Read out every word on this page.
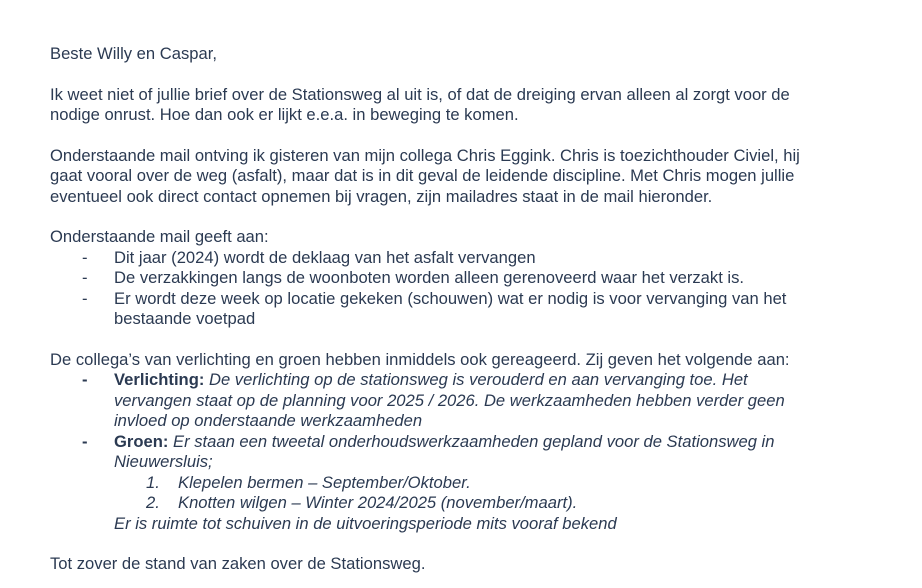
Beste Willy en Caspar,
Ik weet niet of jullie brief over de Stationsweg al uit is, of dat de dreiging ervan alleen al zorgt voor de
nodige onrust. Hoe dan ook er lijkt e.e.a. in beweging te komen.
Onderstaande mail ontving ik gisteren van mijn collega Chris Eggink. Chris is toezichthouder Civiel, hij
gaat vooral over de weg (asfalt), maar dat is in dit geval de leidende discipline. Met Chris mogen jullie
eventueel ook direct contact opnemen bij vragen, zijn mailadres staat in de mail hieronder.
Onderstaande mail geeft aan:
- Dit jaar (2024) wordt de deklaag van het asfalt vervangen
- De verzakkingen langs de woonboten worden alleen gerenoveerd waar het verzakt is.
- Er wordt deze week op locatie gekeken (schouwen) wat er nodig is voor vervanging van het
bestaande voetpad
De collega’s van verlichting en groen hebben inmiddels ook gereageerd. Zij geven het volgende aan:
- Verlichting: De verlichting op de stationsweg is verouderd en aan vervanging toe. Het
vervangen staat op de planning voor 2025 / 2026. De werkzaamheden hebben verder geen
invloed op onderstaande werkzaamheden
- Groen: Er staan een tweetal onderhoudswerkzaamheden gepland voor de Stationsweg in
Nieuwersluis;
1. Klepelen bermen – September/Oktober.
2. Knotten wilgen – Winter 2024/2025 (november/maart).
Er is ruimte tot schuiven in de uitvoeringsperiode mits vooraf bekend
Tot zover de stand van zaken over de Stationsweg.
